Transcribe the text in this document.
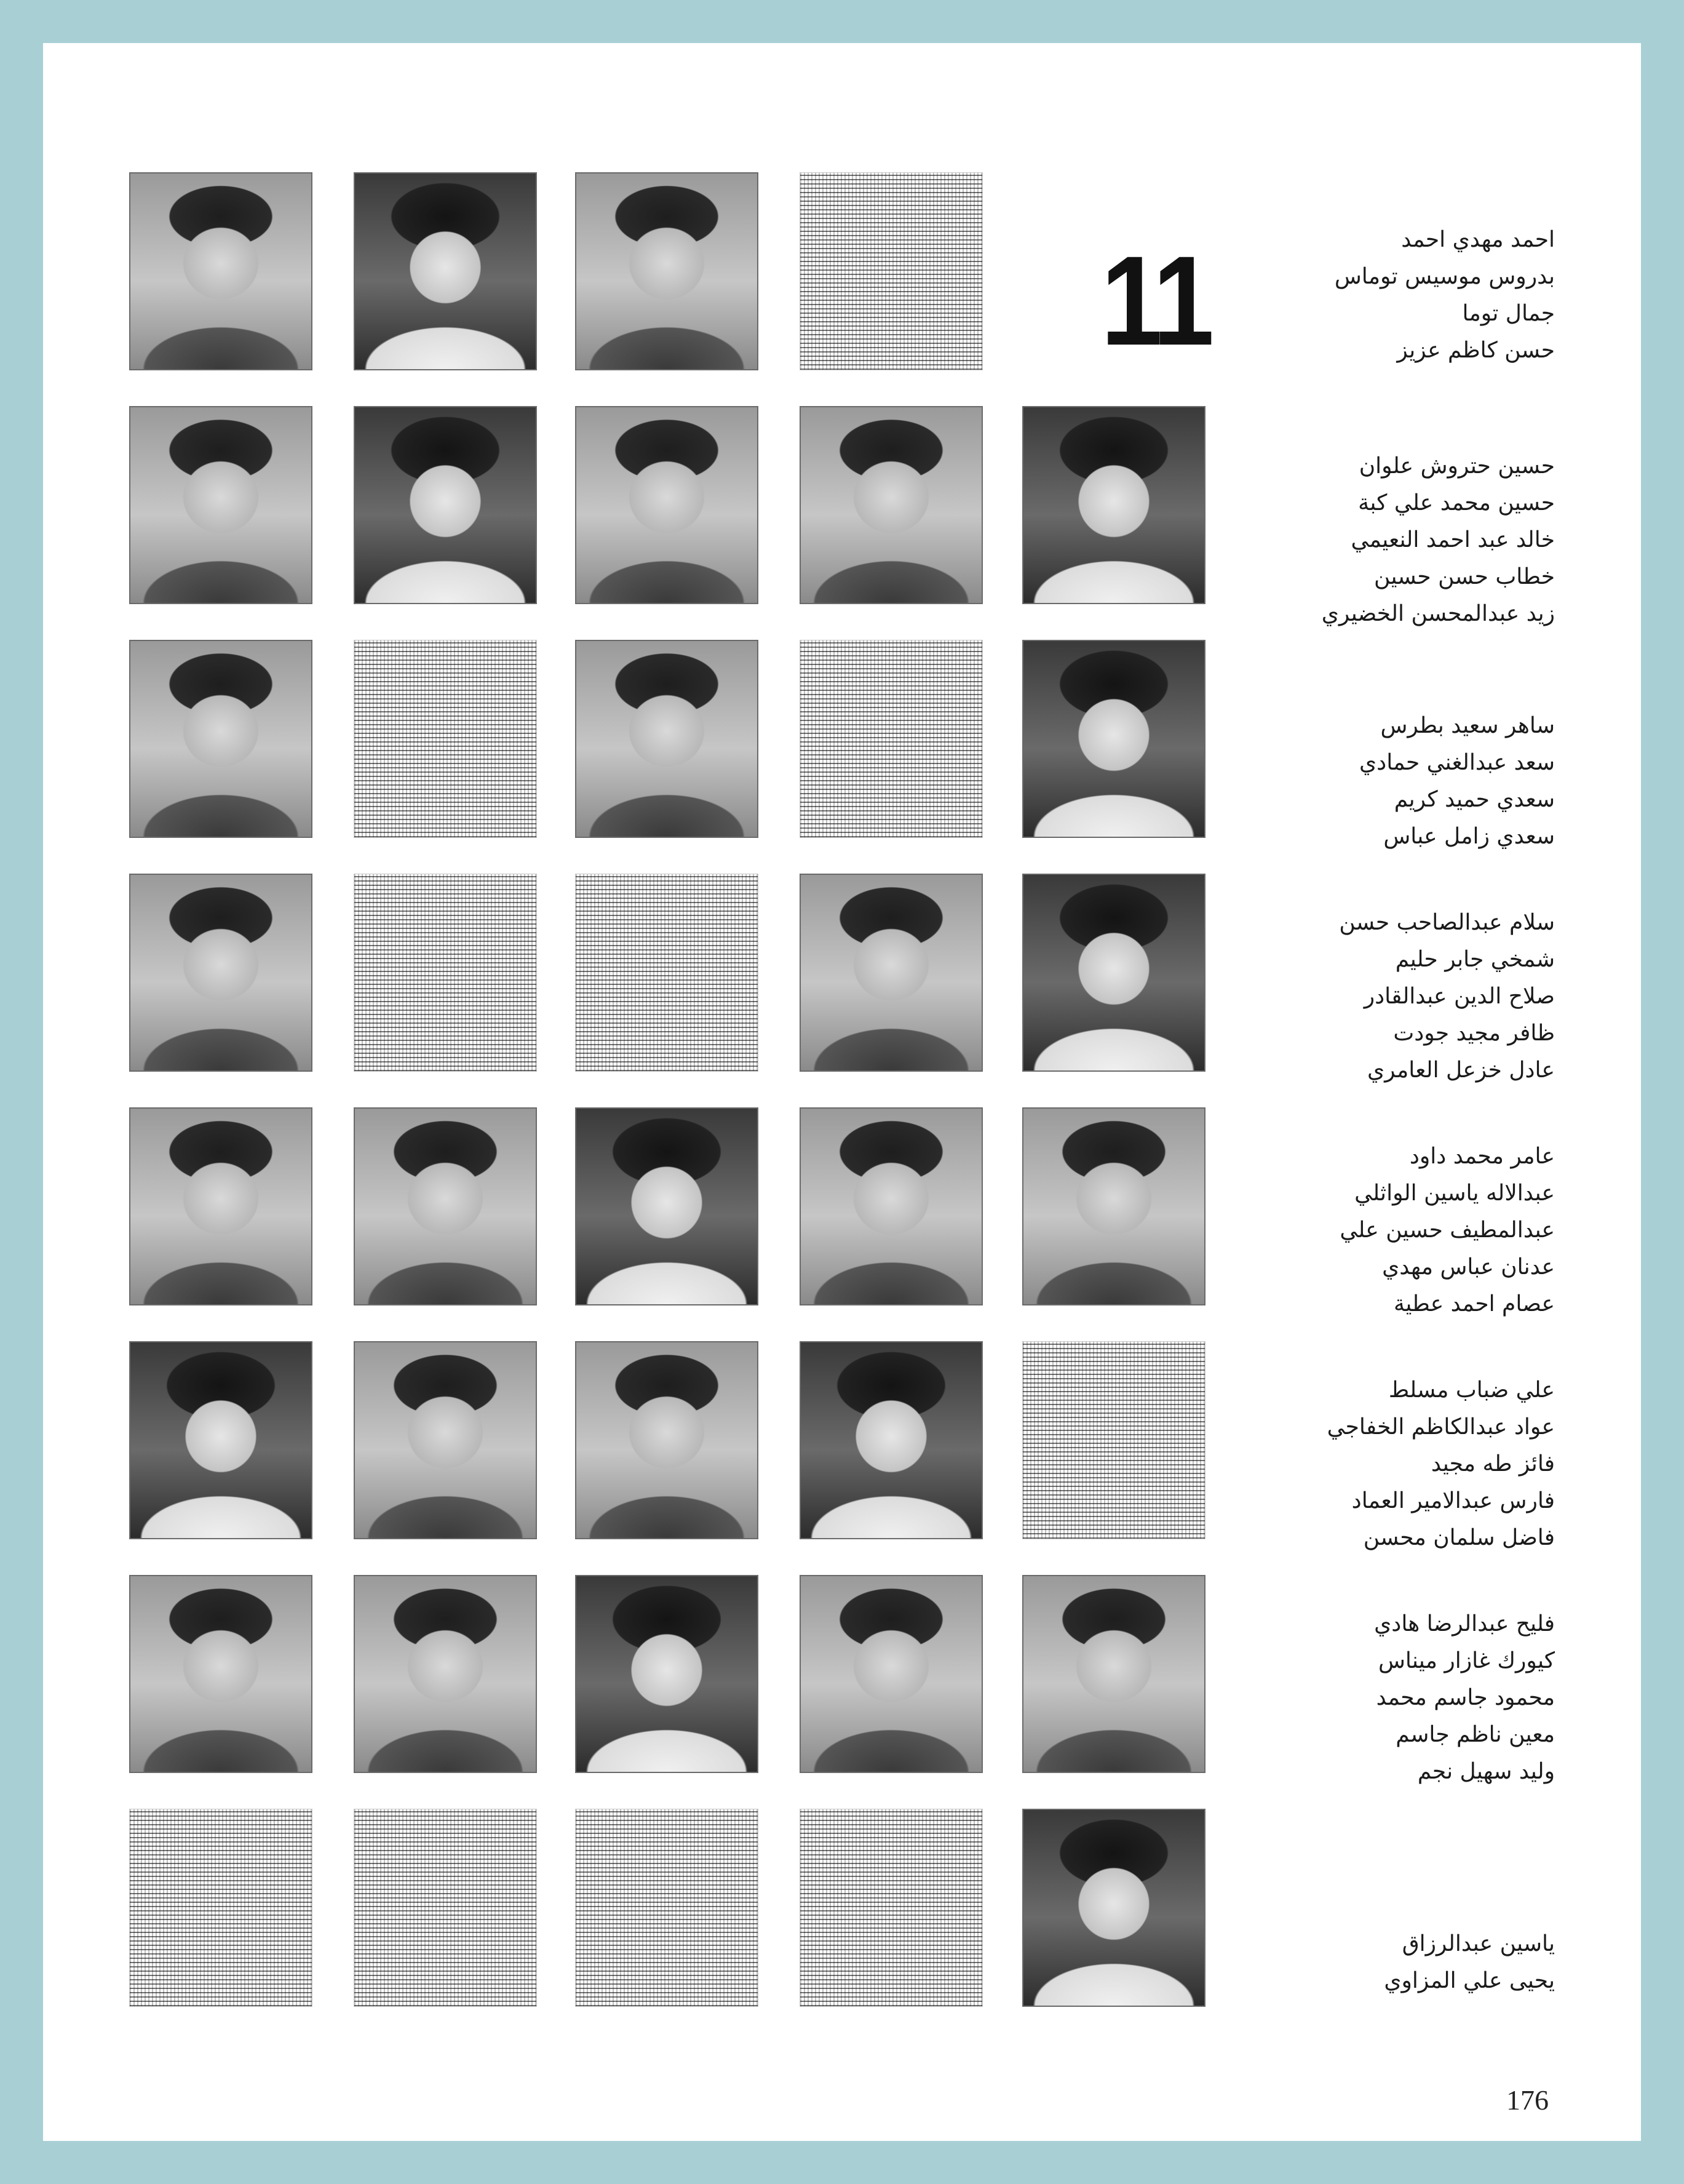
11	احمد مهدي احمد
بدروس موسيس توماس
جمال توما
حسن كاظم عزيز
حسين حتروش علوان
حسين محمد علي كبة
خالد عبد احمد النعيمي
خطاب حسن حسين
زيد عبدالمحسن الخضيري
ساهر سعيد بطرس
سعد عبدالغني حمادي
سعدي حميد كريم
سعدي زامل عباس
سلام عبدالصاحب حسن
شمخي جابر حليم
صلاح الدين عبدالقادر
ظافر مجيد جودت
عادل خزعل العامري
عامر محمد داود
عبدالاله ياسين الواثلي
عبدالمطيف حسين علي
عدنان عباس مهدي
عصام احمد عطية
علي ضباب مسلط
عواد عبدالكاظم الخفاجي
فائز طه مجيد
فارس عبدالامير العماد
فاضل سلمان محسن
فليح عبدالرضا هادي
كيورك غازار ميناس
محمود جاسم محمد
معين ناظم جاسم
وليد سهيل نجم
ياسين عبدالرزاق
يحيى علي المزاوي
176
